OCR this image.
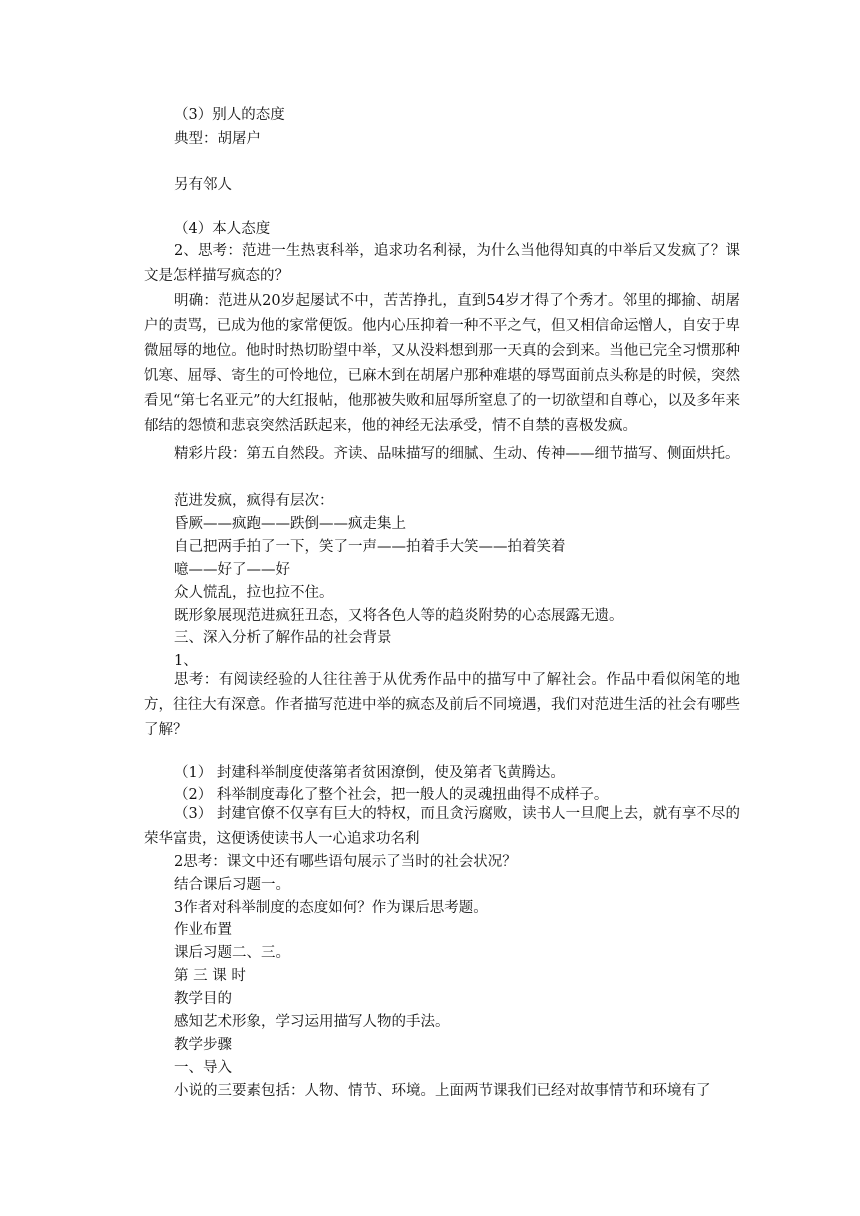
（3）别人的态度
典型：胡屠户
另有邻人
（4）本人态度
2、思考：范进一生热衷科举，追求功名利禄，为什么当他得知真的中举后又发疯了？课文是怎样描写疯态的？
明确：范进从20岁起屡试不中，苦苦挣扎，直到54岁才得了个秀才。邻里的揶揄、胡屠户的责骂，已成为他的家常便饭。他内心压抑着一种不平之气，但又相信命运憎人，自安于卑微屈辱的地位。他时时热切盼望中举，又从没料想到那一天真的会到来。当他已完全习惯那种饥寒、屈辱、寄生的可怜地位，已麻木到在胡屠户那种难堪的辱骂面前点头称是的时候，突然看见“第七名亚元”的大红报帖，他那被失败和屈辱所窒息了的一切欲望和自尊心，以及多年来郁结的怨愤和悲哀突然活跃起来，他的神经无法承受，情不自禁的喜极发疯。
精彩片段：第五自然段。齐读、品味描写的细腻、生动、传神——细节描写、侧面烘托。
范进发疯，疯得有层次：
昏厥——疯跑——跌倒——疯走集上
自己把两手拍了一下，笑了一声——拍着手大笑——拍着笑着
噫——好了——好
众人慌乱，拉也拉不住。
既形象展现范进疯狂丑态，又将各色人等的趋炎附势的心态展露无遗。
三、深入分析了解作品的社会背景
1、
思考：有阅读经验的人往往善于从优秀作品中的描写中了解社会。作品中看似闲笔的地方，往往大有深意。作者描写范进中举的疯态及前后不同境遇，我们对范进生活的社会有哪些了解？
（1） 封建科举制度使落第者贫困潦倒，使及第者飞黄腾达。
（2） 科举制度毒化了整个社会，把一般人的灵魂扭曲得不成样子。
（3） 封建官僚不仅享有巨大的特权，而且贪污腐败，读书人一旦爬上去，就有享不尽的荣华富贵，这便诱使读书人一心追求功名利
2思考：课文中还有哪些语句展示了当时的社会状况？
结合课后习题一。
3作者对科举制度的态度如何？作为课后思考题。
作业布置
课后习题二、三。
第 三 课 时
教学目的
感知艺术形象，学习运用描写人物的手法。
教学步骤
一、导入
小说的三要素包括：人物、情节、环境。上面两节课我们已经对故事情节和环境有了
